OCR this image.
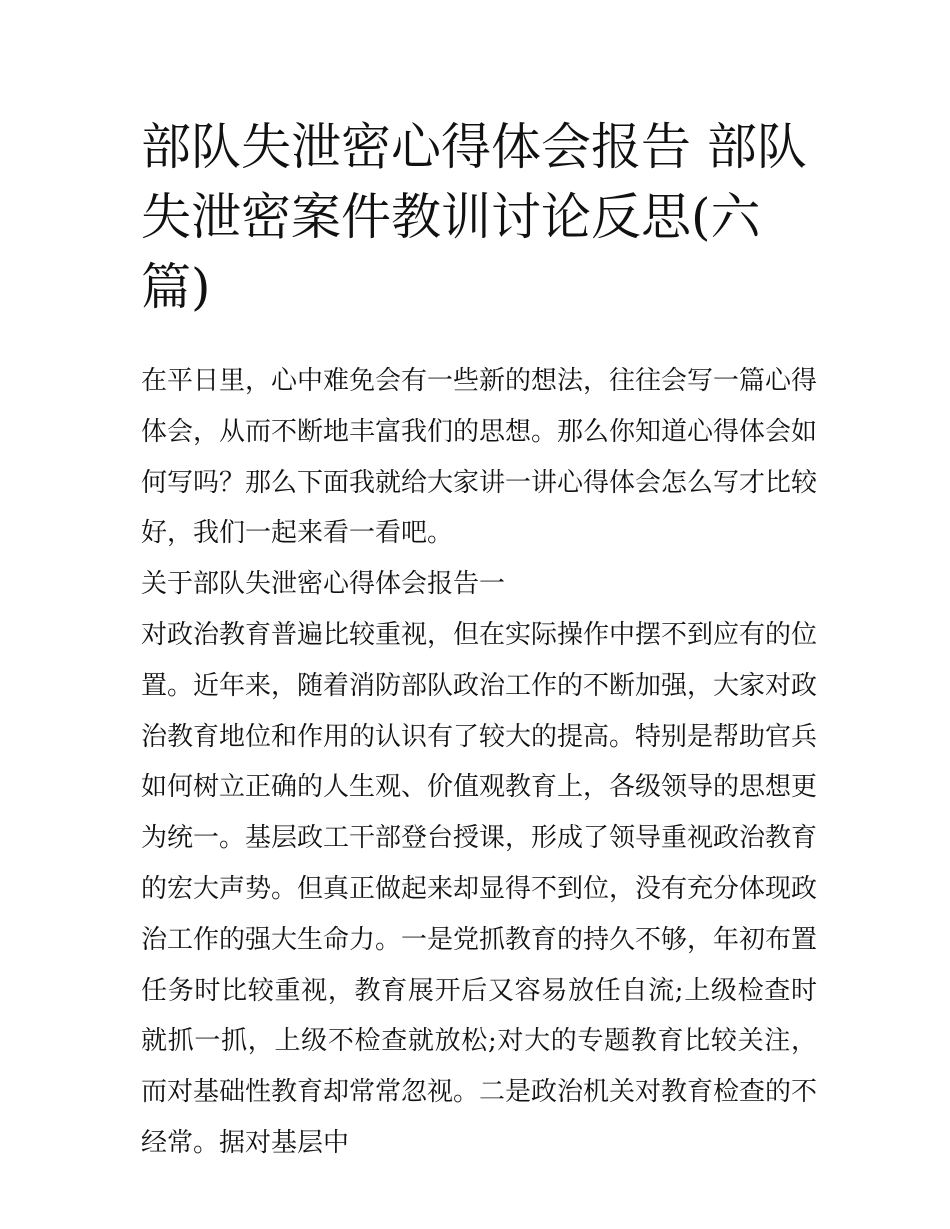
部队失泄密心得体会报告 部队失泄密案件教训讨论反思(六篇)

在平日里，心中难免会有一些新的想法，往往会写一篇心得体会，从而不断地丰富我们的思想。那么你知道心得体会如何写吗？那么下面我就给大家讲一讲心得体会怎么写才比较好，我们一起来看一看吧。

关于部队失泄密心得体会报告一

对政治教育普遍比较重视，但在实际操作中摆不到应有的位置。近年来，随着消防部队政治工作的不断加强，大家对政治教育地位和作用的认识有了较大的提高。特别是帮助官兵如何树立正确的人生观、价值观教育上，各级领导的思想更为统一。基层政工干部登台授课，形成了领导重视政治教育的宏大声势。但真正做起来却显得不到位，没有充分体现政治工作的强大生命力。一是党抓教育的持久不够，年初布置任务时比较重视，教育展开后又容易放任自流;上级检查时就抓一抓，上级不检查就放松;对大的专题教育比较关注，而对基础性教育却常常忽视。二是政治机关对教育检查的不经常。据对基层中
